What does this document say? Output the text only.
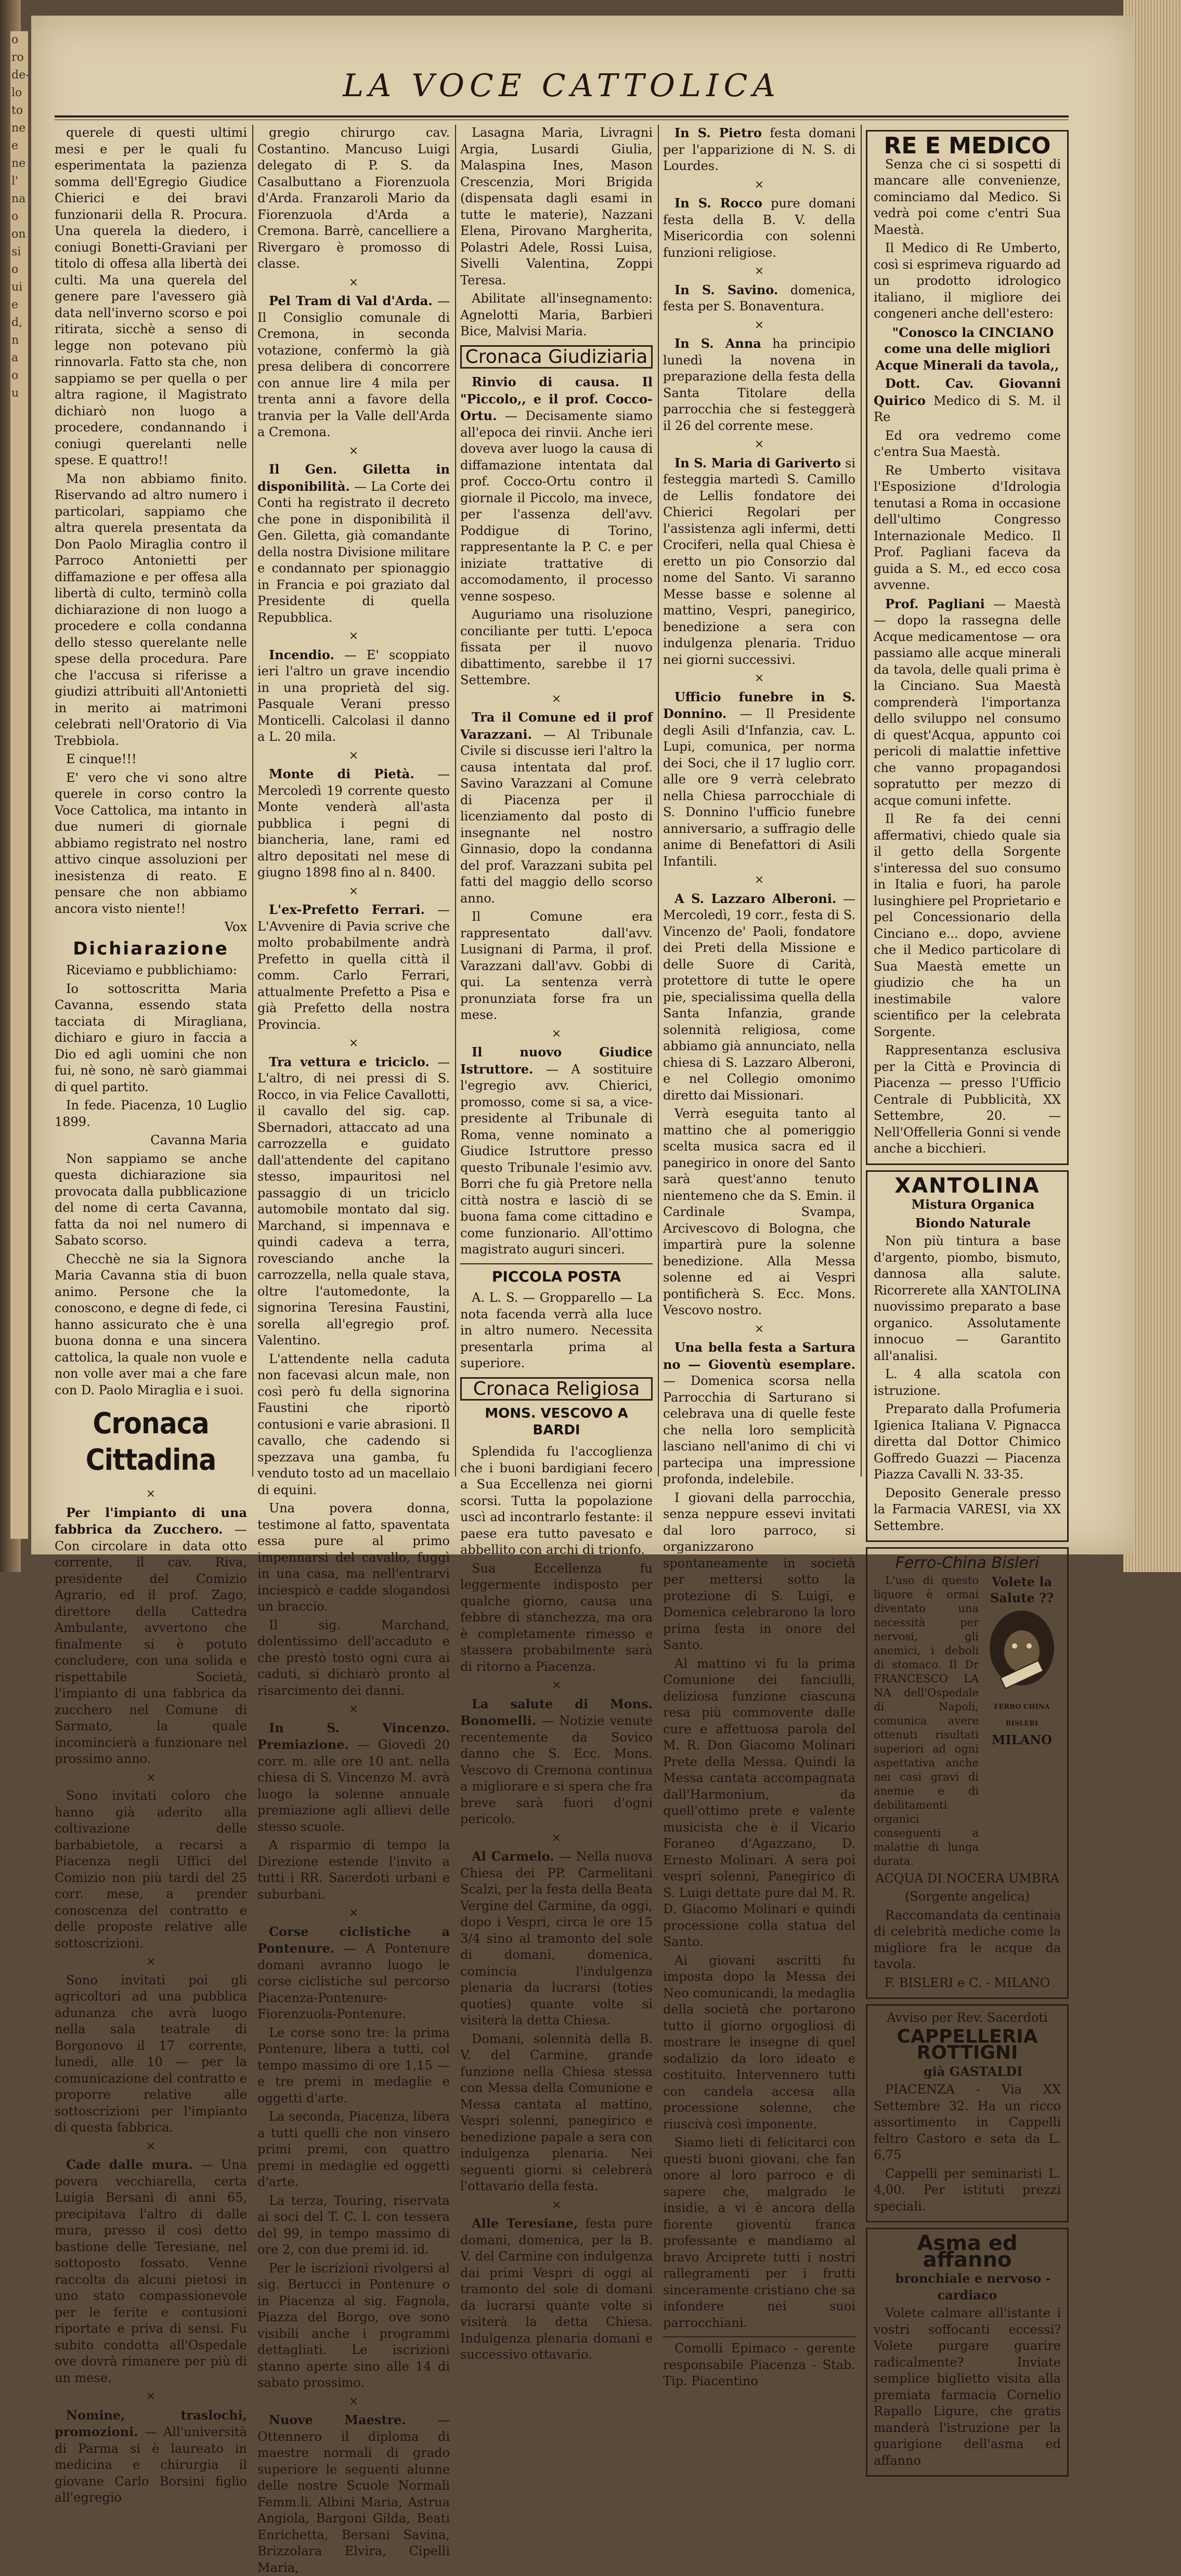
o
ro
de-
lo
to
ne
e
ne
l'
na
o
on
si
o
ui
e
d,
n
a
o
u
LA VOCE CATTOLICA

querele di questi ultimi mesi e per le quali fu esperimentata la pazienza somma dell'Egregio Giudice Chierici e dei bravi funzionarii della R. Procura. Una querela la diedero, i coniugi Bonetti-Graviani per titolo di offesa alla libertà dei culti. Ma una querela del genere pare l'avessero già data nell'inverno scorso e poi ritirata, sicchè a senso di legge non potevano più rinnovarla. Fatto sta che, non sappiamo se per quella o per altra ragione, il Magistrato dichiarò non luogo a procedere, condannando i coniugi querelanti nelle spese. E quattro!!

Ma non abbiamo finito. Riservando ad altro numero i particolari, sappiamo che altra querela presentata da Don Paolo Miraglia contro il Parroco Antonietti per diffamazione e per offesa alla libertà di culto, terminò colla dichiarazione di non luogo a procedere e colla condanna dello stesso querelante nelle spese della procedura. Pare che l'accusa si riferisse a giudizi attribuiti all'Antonietti in merito ai matrimoni celebrati nell'Oratorio di Via Trebbiola.

E cinque!!!

E' vero che vi sono altre querele in corso contro la Voce Cattolica, ma intanto in due numeri di giornale abbiamo registrato nel nostro attivo cinque assoluzioni per inesistenza di reato. E pensare che non abbiamo ancora visto niente!!

Vox

Dichiarazione

Riceviamo e pubblichiamo:

Io sottoscritta Maria Cavanna, essendo stata tacciata di Miragliana, dichiaro e giuro in faccia a Dio ed agli uomini che non fui, nè sono, nè sarò giammai di quel partito.

In fede. Piacenza, 10 Luglio 1899.

Cavanna Maria

Non sappiamo se anche questa dichiarazione sia provocata dalla pubblicazione del nome di certa Cavanna, fatta da noi nel numero di Sabato scorso.

Checchè ne sia la Signora Maria Cavanna stia di buon animo. Persone che la conoscono, e degne di fede, ci hanno assicurato che è una buona donna e una sincera cattolica, la quale non vuole e non volle aver mai a che fare con D. Paolo Miraglia e i suoi.

Cronaca Cittadina
×

Per l'impianto di una fabbrica da Zucchero. — Con circolare in data otto corrente, il cav. Riva, presidente del Comizio Agrario, ed il prof. Zago, direttore della Cattedra Ambulante, avvertono che finalmente si è potuto concludere, con una solida e rispettabile Società, l'impianto di una fabbrica da zucchero nel Comune di Sarmato, la quale incomincierà a funzionare nel prossimo anno.

×

Sono invitati coloro che hanno già aderito alla coltivazione delle barbabietole, a recarsi a Piacenza negli Uffici del Comizio non più tardi del 25 corr. mese, a prender conoscenza del contratto e delle proposte relative alle sottoscrizioni.

×

Sono invitati poi gli agricoltori ad una pubblica adunanza che avrà luogo nella sala teatrale di Borgonovo il 17 corrente, lunedì, alle 10 — per la comunicazione del contratto e proporre relative alle sottoscrizioni per l'impianto di questa fabbrica.

×

Cade dalle mura. — Una povera vecchiarella, certa Luigia Bersani di anni 65, precipitava l'altro di dalle mura, presso il così detto bastione delle Teresiane, nel sottoposto fossato. Venne raccolta da alcuni pietosi in uno stato compassionevole per le ferite e contusioni riportate e priva di sensi. Fu subito condotta all'Ospedale ove dovrà rimanere per più di un mese.

×

Nomine, traslochi, promozioni. — All'università di Parma si è laureato in medicina e chirurgia il giovane Carlo Borsini figlio all'egregio

gregio chirurgo cav. Costantino. Mancuso Luigi delegato di P. S. da Casalbuttano a Fiorenzuola d'Arda. Franzaroli Mario da Fiorenzuola d'Arda a Cremona. Barrè, cancelliere a Rivergaro è promosso di classe.

×

Pel Tram di Val d'Arda. — Il Consiglio comunale di Cremona, in seconda votazione, confermò la già presa delibera di concorrere con annue lire 4 mila per trenta anni a favore della tranvia per la Valle dell'Arda a Cremona.

×

Il Gen. Giletta in disponibilità. — La Corte dei Conti ha registrato il decreto che pone in disponibilità il Gen. Giletta, già comandante della nostra Divisione militare e condannato per spionaggio in Francia e poi graziato dal Presidente di quella Repubblica.

×

Incendio. — E' scoppiato ieri l'altro un grave incendio in una proprietà del sig. Pasquale Verani presso Monticelli. Calcolasi il danno a L. 20 mila.

×

Monte di Pietà. — Mercoledì 19 corrente questo Monte venderà all'asta pubblica i pegni di biancheria, lane, rami ed altro depositati nel mese di giugno 1898 fino al n. 8400.

×

L'ex-Prefetto Ferrari. — L'Avvenire di Pavia scrive che molto probabilmente andrà Prefetto in quella città il comm. Carlo Ferrari, attualmente Prefetto a Pisa e già Prefetto della nostra Provincia.

×

Tra vettura e triciclo. — L'altro, di nei pressi di S. Rocco, in via Felice Cavallotti, il cavallo del sig. cap. Sbernadori, attaccato ad una carrozzella e guidato dall'attendente del capitano stesso, impauritosi nel passaggio di un triciclo automobile montato dal sig. Marchand, si impennava e quindi cadeva a terra, rovesciando anche la carrozzella, nella quale stava, oltre l'automedonte, la signorina Teresina Faustini, sorella all'egregio prof. Valentino.

L'attendente nella caduta non facevasi alcun male, non così però fu della signorina Faustini che riportò contusioni e varie abrasioni. Il cavallo, che cadendo si spezzava una gamba, fu venduto tosto ad un macellaio di equini.

Una povera donna, testimone al fatto, spaventata essa pure al primo impennarsi del cavallo, fuggì in una casa, ma nell'entrarvi inciespicò e cadde slogandosi un braccio.

Il sig. Marchand, dolentissimo dell'accaduto e che prestò tosto ogni cura ai caduti, si dichiarò pronto al risarcimento dei danni.

×

In S. Vincenzo. Premiazione. — Giovedì 20 corr. m. alle ore 10 ant. nella chiesa di S. Vincenzo M. avrà luogo la solenne annuale premiazione agli allievi delle stesso scuole.

A risparmio di tempo la Direzione estende l'invito a tutti i RR. Sacerdoti urbani e suburbani.

×

Corse ciclistiche a Pontenure. — A Pontenure domani avranno luogo le corse ciclistiche sul percorso Piacenza-Pontenure-Fiorenzuola-Pontenure.

Le corse sono tre: la prima Pontenure, libera a tutti, col tempo massimo di ore 1,15 — e tre premi in medaglie e oggetti d'arte.

La seconda, Piacenza, libera a tutti quelli che non vinsero primi premi, con quattro premi in medaglie ed oggetti d'arte.

La terza, Touring, riservata ai soci del T. C. I. con tessera del 99, in tempo massimo di ore 2, con due premi id. id.

Per le iscrizioni rivolgersi al sig. Bertucci in Pontenure o in Piacenza al sig. Fagnola, Piazza del Borgo, ove sono visibili anche i programmi dettagliati. Le iscrizioni stanno aperte sino alle 14 di sabato prossimo.

×

Nuove Maestre. — Ottennero il diploma di maestre normali di grado superiore le seguenti alunne delle nostre Scuole Normali Femm.li. Albini Maria, Astrua Angiola, Bargoni Gilda, Beati Enrichetta, Bersani Savina, Brizzolara Elvira, Cipelli Maria,

Lasagna Maria, Livragni Argia, Lusardi Giulia, Malaspina Ines, Mason Crescenzia, Mori Brigida (dispensata dagli esami in tutte le materie), Nazzani Elena, Pirovano Margherita, Polastri Adele, Rossi Luisa, Sivelli Valentina, Zoppi Teresa.

Abilitate all'insegnamento: Agnelotti Maria, Barbieri Bice, Malvisi Maria.

Cronaca Giudiziaria

Rinvio di causa. Il "Piccolo,, e il prof. Cocco-Ortu. — Decisamente siamo all'epoca dei rinvii. Anche ieri doveva aver luogo la causa di diffamazione intentata dal prof. Cocco-Ortu contro il giornale il Piccolo, ma invece, per l'assenza dell'avv. Poddigue di Torino, rappresentante la P. C. e per iniziate trattative di accomodamento, il processo venne sospeso.

Auguriamo una risoluzione conciliante per tutti. L'epoca fissata per il nuovo dibattimento, sarebbe il 17 Settembre.

×

Tra il Comune ed il prof Varazzani. — Al Tribunale Civile si discusse ieri l'altro la causa intentata dal prof. Savino Varazzani al Comune di Piacenza per il licenziamento dal posto di insegnante nel nostro Ginnasio, dopo la condanna del prof. Varazzani subita pel fatti del maggio dello scorso anno.

Il Comune era rappresentato dall'avv. Lusignani di Parma, il prof. Varazzani dall'avv. Gobbi di qui. La sentenza verrà pronunziata forse fra un mese.

×

Il nuovo Giudice Istruttore. — A sostituire l'egregio avv. Chierici, promosso, come si sa, a vice-presidente al Tribunale di Roma, venne nominato a Giudice Istruttore presso questo Tribunale l'esimio avv. Borri che fu già Pretore nella città nostra e lasciò di se buona fama come cittadino e come funzionario. All'ottimo magistrato auguri sinceri.

PICCOLA POSTA

A. L. S. — Gropparello — La nota facenda verrà alla luce in altro numero. Necessita presentarla prima al superiore.

Cronaca Religiosa
MONS. VESCOVO A BARDI

Splendida fu l'accoglienza che i buoni bardigiani fecero a Sua Eccellenza nei giorni scorsi. Tutta la popolazione uscì ad incontrarlo festante: il paese era tutto pavesato e abbellito con archi di trionfo.

Sua Eccellenza fu leggermente indisposto per qualche giorno, causa una febbre di stanchezza, ma ora è completamente rimesso e stassera probabilmente sarà di ritorno a Piacenza.

×

La salute di Mons. Bonomelli. — Notizie venute recentemente da Sovico danno che S. Ecc. Mons. Vescovo di Cremona continua a migliorare e si spera che fra breve sarà fuori d'ogni pericolo.

×

Al Carmelo. — Nella nuova Chiesa dei PP. Carmelitani Scalzi, per la festa della Beata Vergine del Carmine, da oggi, dopo i Vespri, circa le ore 15 3/4 sino al tramonto del sole di domani, domenica, comincia l'indulgenza plenaria da lucrarsi (toties quoties) quante volte si visiterà la detta Chiesa.

Domani, solennità della B. V. del Carmine, grande funzione nella Chiesa stessa con Messa della Comunione e Messa cantata al mattino, Vespri solenni, panegirico e benedizione papale a sera con indulgenza plenaria. Nei seguenti giorni si celebrerà l'ottavario della festa.

×

Alle Teresiane, festa pure domani, domenica, per la B. V. del Carmine con indulgenza dai primi Vespri di oggi al tramonto del sole di domani da lucrarsi quante volte si visiterà la detta Chiesa. Indulgenza plenaria domani e successivo ottavario.

In S. Pietro festa domani per l'apparizione di N. S. di Lourdes.

×

In S. Rocco pure domani festa della B. V. della Misericordia con solenni funzioni religiose.

×

In S. Savino. domenica, festa per S. Bonaventura.

×

In S. Anna ha principio lunedì la novena in preparazione della festa della Santa Titolare della parrocchia che si festeggerà il 26 del corrente mese.

×

In S. Maria di Gariverto si festeggia martedì S. Camillo de Lellis fondatore dei Chierici Regolari per l'assistenza agli infermi, detti Crociferi, nella qual Chiesa è eretto un pio Consorzio dal nome del Santo. Vi saranno Messe basse e solenne al mattino, Vespri, panegirico, benedizione a sera con indulgenza plenaria. Triduo nei giorni successivi.

×

Ufficio funebre in S. Donnino. — Il Presidente degli Asili d'Infanzia, cav. L. Lupi, comunica, per norma dei Soci, che il 17 luglio corr. alle ore 9 verrà celebrato nella Chiesa parrocchiale di S. Donnino l'ufficio funebre anniversario, a suffragio delle anime di Benefattori di Asili Infantili.

×

A S. Lazzaro Alberoni. — Mercoledì, 19 corr., festa di S. Vincenzo de' Paoli, fondatore dei Preti della Missione e delle Suore di Carità, protettore di tutte le opere pie, specialissima quella della Santa Infanzia, grande solennità religiosa, come abbiamo già annunciato, nella chiesa di S. Lazzaro Alberoni, e nel Collegio omonimo diretto dai Missionari.

Verrà eseguita tanto al mattino che al pomeriggio scelta musica sacra ed il panegirico in onore del Santo sarà quest'anno tenuto nientemeno che da S. Emin. il Cardinale Svampa, Arcivescovo di Bologna, che impartirà pure la solenne benedizione. Alla Messa solenne ed ai Vespri pontificherà S. Ecc. Mons. Vescovo nostro.

×

Una bella festa a Sartura no — Gioventù esemplare. — Domenica scorsa nella Parrocchia di Sarturano si celebrava una di quelle feste che nella loro semplicità lasciano nell'animo di chi vi partecipa una impressione profonda, indelebile.

I giovani della parrocchia, senza neppure essevi invitati dal loro parroco, si organizzarono spontaneamente in società per mettersi sotto la protezione di S. Luigi, e Domenica celebrarono la loro prima festa in onore del Santo.

Al mattino vi fu la prima Comunione dei fanciulli, deliziosa funzione ciascuna resa più commovente dalle cure e affettuosa parola del M. R. Don Giacomo Molinari Prete della Messa. Quindi la Messa cantata accompagnata dall'Harmonium, da quell'ottimo prete e valente musicista che è il Vicario Foraneo d'Agazzano, D. Ernesto Molinari. A sera poi vespri solenni, Panegirico di S. Luigi dettate pure dal M. R. D. Giacomo Molinari e quindi processione colla statua del Santo.

Ai giovani ascritti fu imposta dopo la Messa dei Neo comunicandi, la medaglia della società che portarono tutto il giorno orgogliosi di mostrare le insegne di quel sodalizio da loro ideato e costituito. Intervennero tutti con candela accesa alla processione solenne, che riuscivà così imponente.

Siamo lieti di felicitarci con questi buoni giovani, che fan onore al loro parroco e di sapere che, malgrado le insidie, a vi è ancora della fiorente gioventù franca professante e mandiamo al bravo Arciprete tutti i nostri rallegramenti per i frutti sinceramente cristiano che sa infondere nei suoi parrocchiani.

Comolli Epimaco - gerente responsabile Piacenza - Stab. Tip. Piacentino

RE E MEDICO

Senza che ci si sospetti di mancare alle convenienze, cominciamo dal Medico. Si vedrà poi come c'entri Sua Maestà.

Il Medico di Re Umberto, così si esprimeva riguardo ad un prodotto idrologico italiano, il migliore dei congeneri anche dell'estero:

"Conosco la CINCIANO come una delle migliori Acque Minerali da tavola,,

Dott. Cav. Giovanni Quirico Medico di S. M. il Re

Ed ora vedremo come c'entra Sua Maestà.

Re Umberto visitava l'Esposizione d'Idrologia tenutasi a Roma in occasione dell'ultimo Congresso Internazionale Medico. Il Prof. Pagliani faceva da guida a S. M., ed ecco cosa avvenne.

Prof. Pagliani — Maestà — dopo la rassegna delle Acque medicamentose — ora passiamo alle acque minerali da tavola, delle quali prima è la Cinciano. Sua Maestà comprenderà l'importanza dello sviluppo nel consumo di quest'Acqua, appunto coi pericoli di malattie infettive che vanno propagandosi sopratutto per mezzo di acque comuni infette.

Il Re fa dei cenni affermativi, chiedo quale sia il getto della Sorgente s'interessa del suo consumo in Italia e fuori, ha parole lusinghiere pel Proprietario e pel Concessionario della Cinciano e... dopo, avviene che il Medico particolare di Sua Maestà emette un giudizio che ha un inestimabile valore scientifico per la celebrata Sorgente.

Rappresentanza esclusiva per la Città e Provincia di Piacenza — presso l'Ufficio Centrale di Pubblicità, XX Settembre, 20. — Nell'Offelleria Gonni si vende anche a bicchieri.

XANTOLINA

Mistura Organica

Biondo Naturale

Non più tintura a base d'argento, piombo, bismuto, dannosa alla salute. Ricorrerete alla XANTOLINA nuovissimo preparato a base organico. Assolutamente innocuo — Garantito all'analisi.

L. 4 alla scatola con istruzione.

Preparato dalla Profumeria Igienica Italiana V. Pignacca diretta dal Dottor Chimico Goffredo Guazzi — Piacenza Piazza Cavalli N. 33-35.

Deposito Generale presso la Farmacia VARESI, via XX Settembre.

Ferro-China Bisleri

L'uso di questo liquore è ormai diventato una necessità per nervosi, gli anemici, i deboli di stomaco. Il Dr FRANCESCO LA NA dell'Ospedale di Napoli, comunica avere ottenuti risultati superiori ad ogni aspettativa anche nei casi gravi di anemie e di debilitamenti organici conseguenti a malattie di lunga durata.

Volete la Salute ??
FERRO CHINA BISLERI
MILANO

ACQUA DI NOCERA UMBRA

(Sorgente angelica)

Raccomandata da centinaia di celebrità mediche come la migliore fra le acque da tavola.

F. BISLERI e C. - MILANO

Avviso per Rev. Sacerdoti

CAPPELLERIA ROTTIGNI

già GASTALDI

PIACENZA - Via XX Settembre 32. Ha un ricco assortimento in Cappelli feltro Castoro e seta da L. 6,75

Cappelli per seminaristi L. 4,00. Per istituti prezzi speciali.

Asma ed affanno

bronchiale e nervoso - cardiaco

Volete calmare all'istante i vostri soffocanti eccessi? Volete purgare guarire radicalmente? Inviate semplice biglietto visita alla premiata farmacia Cornelio Rapallo Ligure, che gratis manderà l'istruzione per la guarigione dell'asma ed affanno
